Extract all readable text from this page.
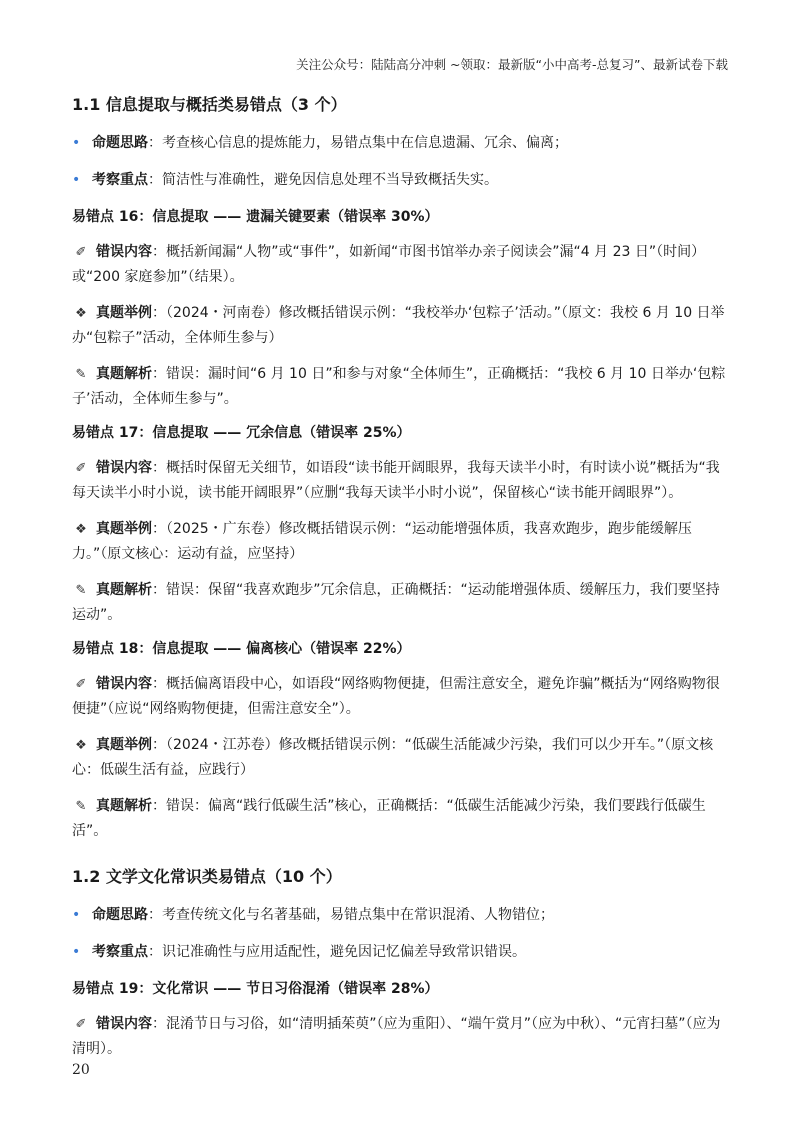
关注公众号：陆陆高分冲刺 ~领取：最新版“小中高考-总复习”、最新试卷下载
1.1 信息提取与概括类易错点（3 个）
• 命题思路：考查核心信息的提炼能力，易错点集中在信息遗漏、冗余、偏离；
• 考察重点：简洁性与准确性，避免因信息处理不当导致概括失实。
易错点 16：信息提取 —— 遗漏关键要素（错误率 30%）

✐ 错误内容：概括新闻漏“人物”或“事件”，如新闻“市图书馆举办亲子阅读会”漏“4 月 23 日”（时间）或“200 家庭参加”（结果）。

❖ 真题举例：（2024・河南卷）修改概括错误示例：“我校举办‘包粽子’活动。”（原文：我校 6 月 10 日举办“包粽子”活动，全体师生参与）

✎ 真题解析：错误：漏时间“6 月 10 日”和参与对象“全体师生”，正确概括：“我校 6 月 10 日举办‘包粽子’活动，全体师生参与”。

易错点 17：信息提取 —— 冗余信息（错误率 25%）

✐ 错误内容：概括时保留无关细节，如语段“读书能开阔眼界，我每天读半小时，有时读小说”概括为“我每天读半小时小说，读书能开阔眼界”（应删“我每天读半小时小说”，保留核心“读书能开阔眼界”）。

❖ 真题举例：（2025・广东卷）修改概括错误示例：“运动能增强体质，我喜欢跑步，跑步能缓解压力。”（原文核心：运动有益，应坚持）

✎ 真题解析：错误：保留“我喜欢跑步”冗余信息，正确概括：“运动能增强体质、缓解压力，我们要坚持运动”。

易错点 18：信息提取 —— 偏离核心（错误率 22%）

✐ 错误内容：概括偏离语段中心，如语段“网络购物便捷，但需注意安全，避免诈骗”概括为“网络购物很便捷”（应说“网络购物便捷，但需注意安全”）。

❖ 真题举例：（2024・江苏卷）修改概括错误示例：“低碳生活能减少污染，我们可以少开车。”（原文核心：低碳生活有益，应践行）

✎ 真题解析：错误：偏离“践行低碳生活”核心，正确概括：“低碳生活能减少污染，我们要践行低碳生活”。

1.2 文学文化常识类易错点（10 个）
• 命题思路：考查传统文化与名著基础，易错点集中在常识混淆、人物错位；
• 考察重点：识记准确性与应用适配性，避免因记忆偏差导致常识错误。
易错点 19：文化常识 —— 节日习俗混淆（错误率 28%）

✐ 错误内容：混淆节日与习俗，如“清明插茱萸”（应为重阳）、“端午赏月”（应为中秋）、“元宵扫墓”（应为清明）。

20
